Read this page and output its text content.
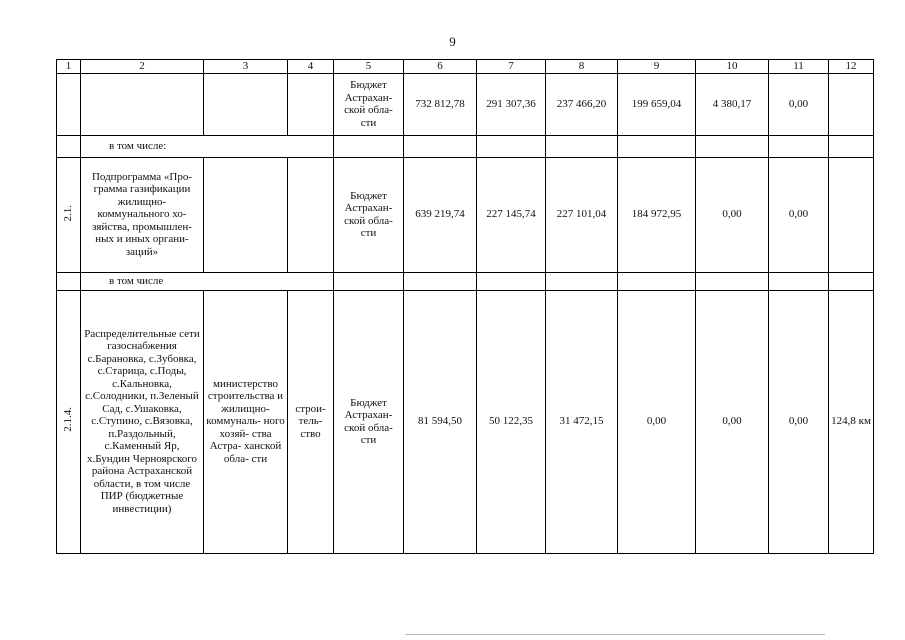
9
1	2	3	4	5	6	7	8	9	10	11	12
				Бюджет Астрахан- ской обла- сти	732 812,78	291 307,36	237 466,20	199 659,04	4 380,17	0,00	
	в том числе:										
2.1.	Подпрограмма «Про- грамма газификации жилищно- коммунального хо- зяйства, промышлен- ных и иных органи- заций»			Бюджет Астрахан- ской обла- сти	639 219,74	227 145,74	227 101,04	184 972,95	0,00	0,00	
	в том числе										
2.1.4.	Распределительные сети газоснабжения с.Барановка, с.Зубовка, с.Старица, с.Поды, с.Кальновка, с.Солодники, п.Зеленый Сад, с.Ушаковка, с.Ступино, с.Вязовка, п.Раздольный, с.Каменный Яр, х.Бундин Черноярского района Астраханской области, в том числе ПИР (бюджетные инвестиции)	министерство строительства и жилищно- коммуналь- ного хозяй- ства Астра- ханской обла- сти	строи- тель- ство	Бюджет Астрахан- ской обла- сти	81 594,50	50 122,35	31 472,15	0,00	0,00	0,00	124,8 км
